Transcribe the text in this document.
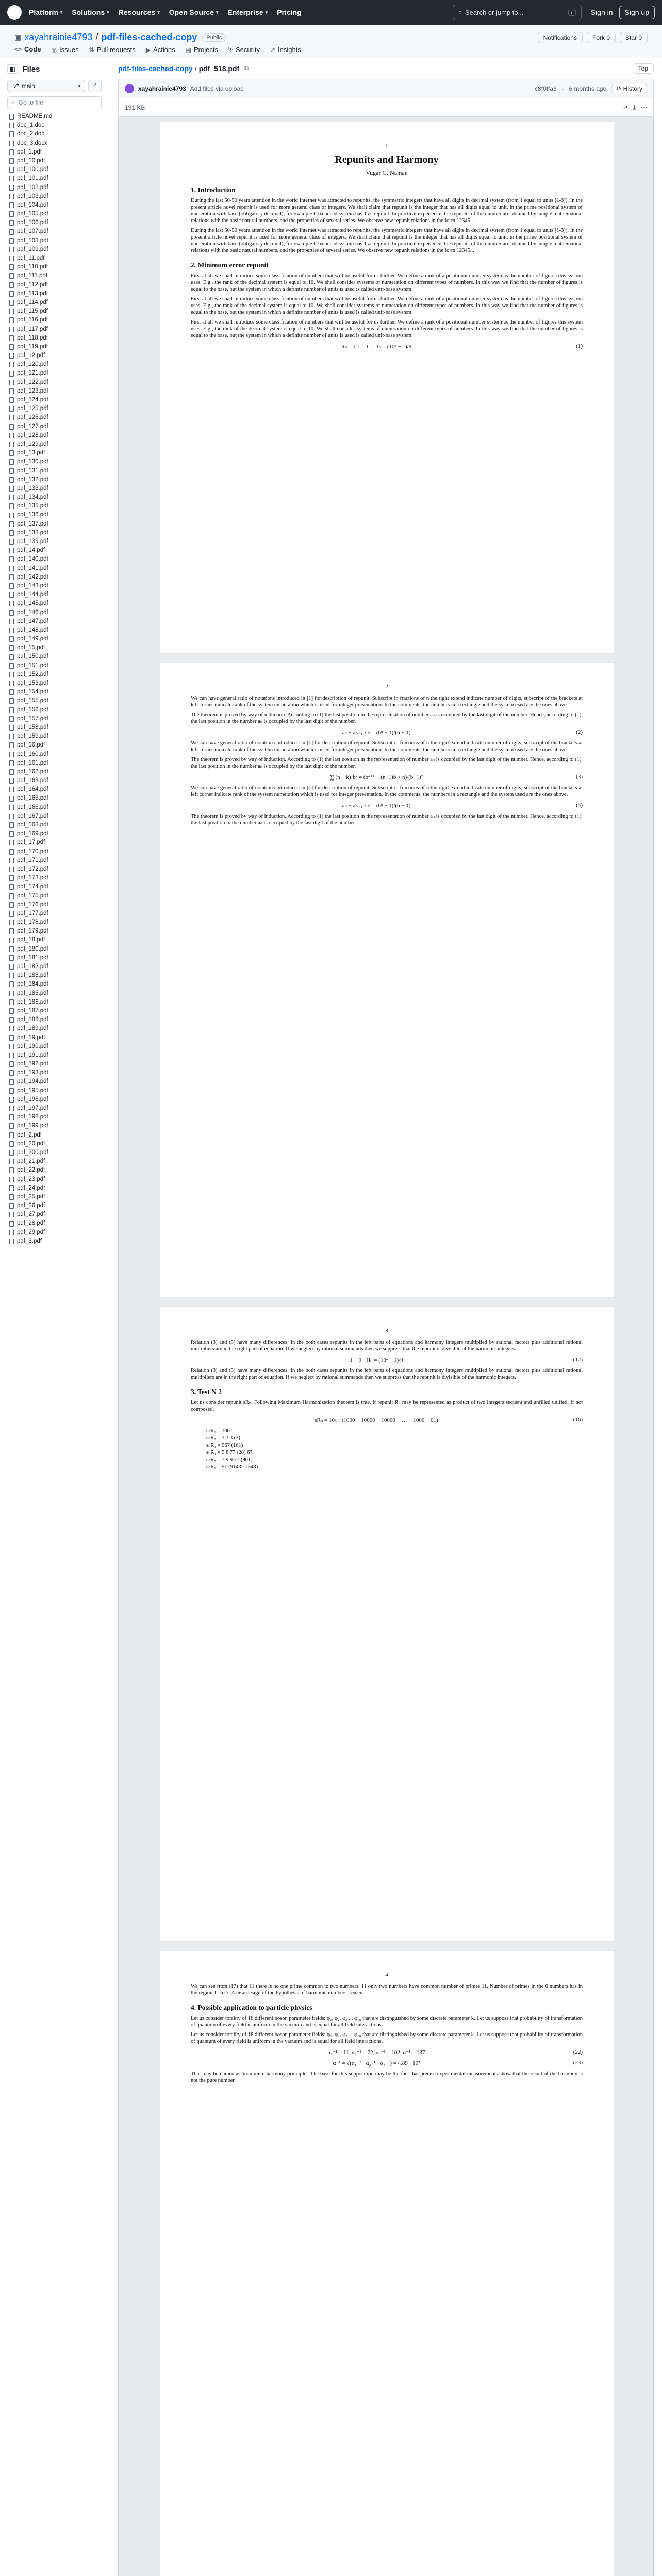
Platform ▾ Solutions ▾ Resources ▾ Open Source ▾ Enterprise ▾ Pricing	⌕ Search or jump to...	/	Sign in	Sign up
▣ xayahrainie4793 / pdf-files-cached-copy	Public	Notifications	Fork 0	Star 0
<> Code ◎ Issues ⇅ Pull requests ▶ Actions ▦ Projects ⛨ Security ↗ Insights
◧ Files
⎇ main	▾	⌕
⌕ Go to file
README.md
doc_1.doc
doc_2.doc
doc_3.docx
pdf_1.pdf
pdf_10.pdf
pdf_100.pdf
pdf_101.pdf
pdf_102.pdf
pdf_103.pdf
pdf_104.pdf
pdf_105.pdf
pdf_106.pdf
pdf_107.pdf
pdf_108.pdf
pdf_109.pdf
pdf_11.pdf
pdf_110.pdf
pdf_111.pdf
pdf_112.pdf
pdf_113.pdf
pdf_114.pdf
pdf_115.pdf
pdf_116.pdf
pdf_117.pdf
pdf_118.pdf
pdf_119.pdf
pdf_12.pdf
pdf_120.pdf
pdf_121.pdf
pdf_122.pdf
pdf_123.pdf
pdf_124.pdf
pdf_125.pdf
pdf_126.pdf
pdf_127.pdf
pdf_128.pdf
pdf_129.pdf
pdf_13.pdf
pdf_130.pdf
pdf_131.pdf
pdf_132.pdf
pdf_133.pdf
pdf_134.pdf
pdf_135.pdf
pdf_136.pdf
pdf_137.pdf
pdf_138.pdf
pdf_139.pdf
pdf_14.pdf
pdf_140.pdf
pdf_141.pdf
pdf_142.pdf
pdf_143.pdf
pdf_144.pdf
pdf_145.pdf
pdf_146.pdf
pdf_147.pdf
pdf_148.pdf
pdf_149.pdf
pdf_15.pdf
pdf_150.pdf
pdf_151.pdf
pdf_152.pdf
pdf_153.pdf
pdf_154.pdf
pdf_155.pdf
pdf_156.pdf
pdf_157.pdf
pdf_158.pdf
pdf_159.pdf
pdf_16.pdf
pdf_160.pdf
pdf_161.pdf
pdf_162.pdf
pdf_163.pdf
pdf_164.pdf
pdf_165.pdf
pdf_166.pdf
pdf_167.pdf
pdf_168.pdf
pdf_169.pdf
pdf_17.pdf
pdf_170.pdf
pdf_171.pdf
pdf_172.pdf
pdf_173.pdf
pdf_174.pdf
pdf_175.pdf
pdf_176.pdf
pdf_177.pdf
pdf_178.pdf
pdf_179.pdf
pdf_18.pdf
pdf_180.pdf
pdf_181.pdf
pdf_182.pdf
pdf_183.pdf
pdf_184.pdf
pdf_185.pdf
pdf_186.pdf
pdf_187.pdf
pdf_188.pdf
pdf_189.pdf
pdf_19.pdf
pdf_190.pdf
pdf_191.pdf
pdf_192.pdf
pdf_193.pdf
pdf_194.pdf
pdf_195.pdf
pdf_196.pdf
pdf_197.pdf
pdf_198.pdf
pdf_199.pdf
pdf_2.pdf
pdf_20.pdf
pdf_200.pdf
pdf_21.pdf
pdf_22.pdf
pdf_23.pdf
pdf_24.pdf
pdf_25.pdf
pdf_26.pdf
pdf_27.pdf
pdf_28.pdf
pdf_29.pdf
pdf_3.pdf
pdf-files-cached-copy / pdf_518.pdf ⧉	Top
xayahrainie4793 Add files via upload	c8f0ffa3 · 6 months ago	↺ History
191 KB	↗ ⤓ ⋯
1
Repunits and Harmony
Vugar G. Naman
1. Introduction
During the last 50-50 years attention in the world Internet was attracted to repunits, the symmetric integers that have all digits in decimal system (from 1 equal to units [1-3]). In the present article novel repunit is used for more general class of integers. We shall claim that repunit is the integer that has all digits equal to unit, in the prime positional system of numeration with base (obligatory decimal); for example 6-balanced system has 1 as repunit. In practical experience, the repunits of the number are obtained by simple mathematical relations with the basic natural numbers, and the properties of several series. We observe new repunit relations in the form 12345...
During the last 50-50 years attention in the world Internet was attracted to repunits, the symmetric integers that have all digits in decimal system (from 1 equal to units [1-3]). In the present article novel repunit is used for more general class of integers. We shall claim that repunit is the integer that has all digits equal to unit, in the prime positional system of numeration with base (obligatory decimal); for example 6-balanced system has 1 as repunit. In practical experience, the repunits of the number are obtained by simple mathematical relations with the basic natural numbers, and the properties of several series. We observe new repunit relations in the form 12345...
2. Minimum error repunit
First at all we shall introduce some classification of numbers that will be useful for us further. We define a rank of a positional number system as the number of figures this system uses. E.g., the rank of the decimal system is equal to 10. We shall consider systems of numeration on different types of numbers. In this way we find that the number of figures is equal to the base, but the system in which a definite number of units is used is called unit-base system.
First at all we shall introduce some classification of numbers that will be useful for us further. We define a rank of a positional number system as the number of figures this system uses. E.g., the rank of the decimal system is equal to 10. We shall consider systems of numeration on different types of numbers. In this way we find that the number of figures is equal to the base, but the system in which a definite number of units is used is called unit-base system.
First at all we shall introduce some classification of numbers that will be useful for us further. We define a rank of a positional number system as the number of figures this system uses. E.g., the rank of the decimal system is equal to 10. We shall consider systems of numeration on different types of numbers. In this way we find that the number of figures is equal to the base, but the system in which a definite number of units is used is called unit-base system.
Rₙ = 1 1 1 1 ... 1ₙ = (10ⁿ − 1)/9	(1)
2
We can have general ratio of notations introduced in [1] for description of repunit. Subscript in fractions of n the right extend indicate number of digits, subscript of the brackets at left corner indicate rank of the system numeration which is used for integer presentation. In the comments, the numbers in a rectangle and the system used are the ones above.
The theorem is proved by way of induction. According to (1) the last position in the representation of number aₙ is occupied by the last digit of the number. Hence, according to (1), the last position in the number aₙ is occupied by the last digit of the number.
aₙ − aₙ₋₁ · b = (bⁿ − 1)/(b − 1)	(2)
We can have general ratio of notations introduced in [1] for description of repunit. Subscript in fractions of n the right extend indicate number of digits, subscript of the brackets at left corner indicate rank of the system numeration which is used for integer presentation. In the comments, the numbers in a rectangle and the system used are the ones above.
The theorem is proved by way of induction. According to (1) the last position in the representation of number aₙ is occupied by the last digit of the number. Hence, according to (1), the last position in the number aₙ is occupied by the last digit of the number.
∑ (n − k)·bᵏ = (bⁿ⁺¹ − (n+1)b + n)/(b−1)²	(3)
We can have general ratio of notations introduced in [1] for description of repunit. Subscript in fractions of n the right extend indicate number of digits, subscript of the brackets at left corner indicate rank of the system numeration which is used for integer presentation. In the comments, the numbers in a rectangle and the system used are the ones above.
aₙ − aₙ₋₁ · b = (bⁿ − 1)/(b − 1)	(4)
The theorem is proved by way of induction. According to (1) the last position in the representation of number aₙ is occupied by the last digit of the number. Hence, according to (1), the last position in the number aₙ is occupied by the last digit of the number.
3
Relation (3) and (5) have many differences. In the both cases repunits in the left parts of equations and harmony integers multiplied by rational factors plus additional rational multipliers are in the right part of equation. If we neglect by rational summands then we suppress that the repunit is divisible of the harmonic integers.
1 − 9 · Hₙ = (10ⁿ − 1)/9	(12)
Relation (3) and (5) have many differences. In the both cases repunits in the left parts of equations and harmony integers multiplied by rational factors plus additional rational multipliers are in the right part of equation. If we neglect by rational summands then we suppress that the repunit is divisible of the harmonic integers.
3. Test N 2
Let us consider repunit sRₙ. Following Maximum Harmonization theorem is true, if repunit Rₙ may be represented as product of two integers sequent and unfilled unified. If not composed.
sRₙ = 10ₖ · (1000 − 10000 − 10000 − … − 1000 − 01)	(16)
sₙR₁ = 1001
sₙR₂ = 3 3 3 (3)
sₙR₃ = 567 (161)
sₙR₄ = 5 8 77 (28) 67
sₙR₅ = 7 9 9 77 (901)
sₙR₆ = 51 (91432 2543)
4
We can see from (17) that 11 there is no one prime common to two numbers, 11 only two numbers have common number of primes 11. Number of primes in the 6 numbers has in the region 11 to 7. A new design of the hypothesis of harmonic numbers is seen.
4. Possible application to particle physics
Let us consider totality of 18 different boson parameter fields: φ₁, φ₂, φ₃ ... φ₁₈ that are distinguished by some discrete parameter k. Let us suppose that probability of transformation of quantum of every field is uniform in the vacuum and is equal for all field interactions.
Let us consider totality of 18 different boson parameter fields: φ₁, φ₂, φ₃ ... φ₁₈ that are distinguished by some discrete parameter k. Let us suppose that probability of transformation of quantum of every field is uniform in the vacuum and is equal for all field interactions.
α₁⁻¹ = 11, α₂⁻¹ = 72, α₃⁻¹ = 102, α⁻¹ = 137	(22)
α⁻¹ = √(α₁⁻¹ · α₂⁻¹ · α₃⁻¹) = 4.89 · 10³	(23)
That may be named as 'maximum harmony principle'. The base for this supposition may be the fact that precise experimental measurements show that the result of the harmony is not the pure number.
